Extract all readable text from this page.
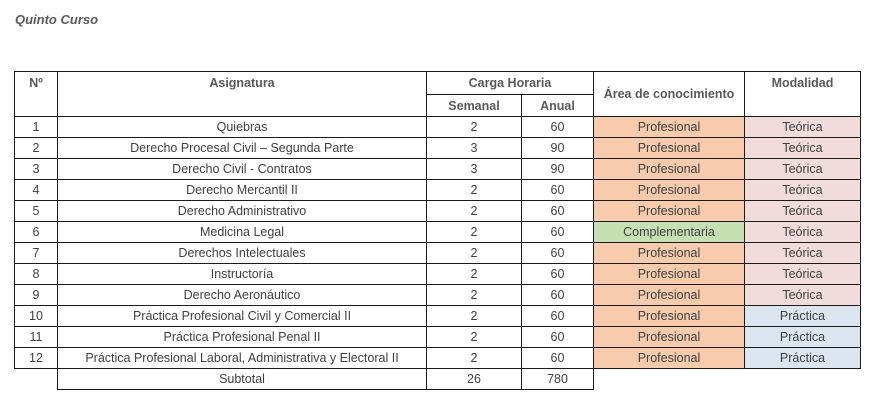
Quinto Curso
Nº	Asignatura	Carga Horaria		Área de conocimiento	Modalidad
		Semanal	Anual		
1	Quiebras	2	60	Profesional	Teórica
2	Derecho Procesal Civil – Segunda Parte	3	90	Profesional	Teórica
3	Derecho Civil - Contratos	3	90	Profesional	Teórica
4	Derecho Mercantil II	2	60	Profesional	Teórica
5	Derecho Administrativo	2	60	Profesional	Teórica
6	Medicina Legal	2	60	Complementaria	Teórica
7	Derechos Intelectuales	2	60	Profesional	Teórica
8	Instructoría	2	60	Profesional	Teórica
9	Derecho Aeronáutico	2	60	Profesional	Teórica
10	Práctica Profesional Civil y Comercial II	2	60	Profesional	Práctica
11	Práctica Profesional Penal II	2	60	Profesional	Práctica
12	Práctica Profesional Laboral, Administrativa y Electoral II	2	60	Profesional	Práctica
	Subtotal	26	780		
